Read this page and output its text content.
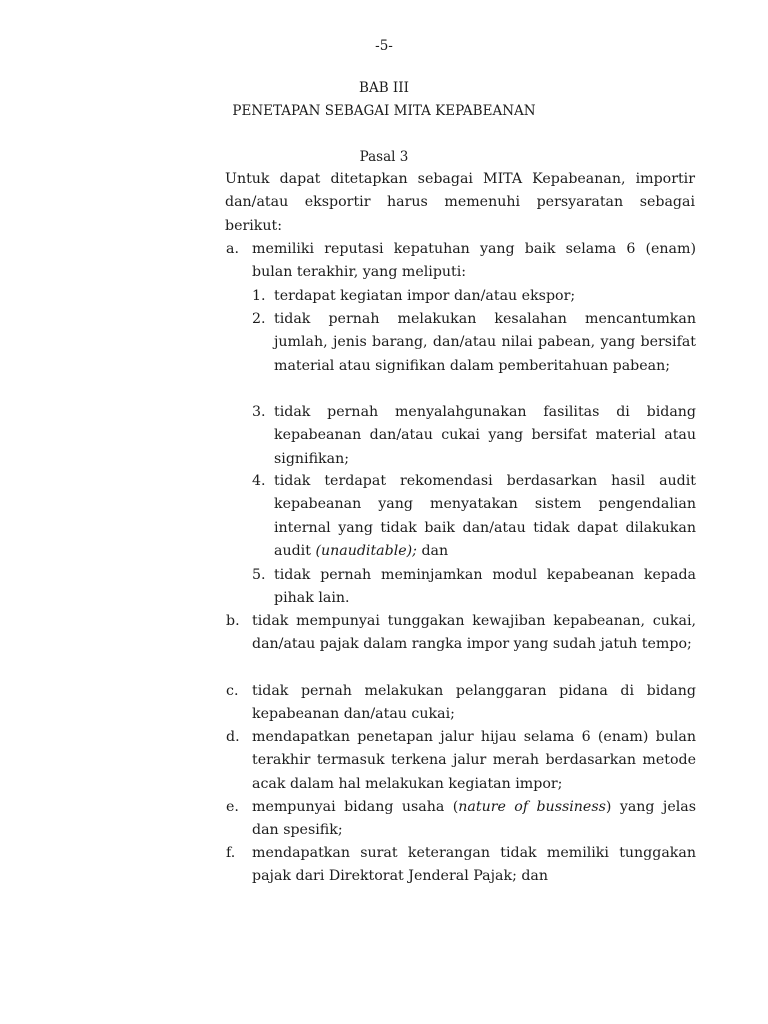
-5-
BAB III
PENETAPAN SEBAGAI MITA KEPABEANAN
Pasal 3
Untuk dapat ditetapkan sebagai MITA Kepabeanan, importir dan/atau eksportir harus memenuhi persyaratan sebagai berikut:
a. memiliki reputasi kepatuhan yang baik selama 6 (enam) bulan terakhir, yang meliputi:
1. terdapat kegiatan impor dan/atau ekspor;
2. tidak pernah melakukan kesalahan mencantumkan jumlah, jenis barang, dan/atau nilai pabean, yang bersifat material atau signifikan dalam pemberitahuan pabean;
3. tidak pernah menyalahgunakan fasilitas di bidang kepabeanan dan/atau cukai yang bersifat material atau signifikan;
4. tidak terdapat rekomendasi berdasarkan hasil audit kepabeanan yang menyatakan sistem pengendalian internal yang tidak baik dan/atau tidak dapat dilakukan audit (unauditable); dan
5. tidak pernah meminjamkan modul kepabeanan kepada pihak lain.
b. tidak mempunyai tunggakan kewajiban kepabeanan, cukai, dan/atau pajak dalam rangka impor yang sudah jatuh tempo;
c. tidak pernah melakukan pelanggaran pidana di bidang kepabeanan dan/atau cukai;
d. mendapatkan penetapan jalur hijau selama 6 (enam) bulan terakhir termasuk terkena jalur merah berdasarkan metode acak dalam hal melakukan kegiatan impor;
e. mempunyai bidang usaha (nature of bussiness) yang jelas dan spesifik;
f. mendapatkan surat keterangan tidak memiliki tunggakan pajak dari Direktorat Jenderal Pajak; dan
